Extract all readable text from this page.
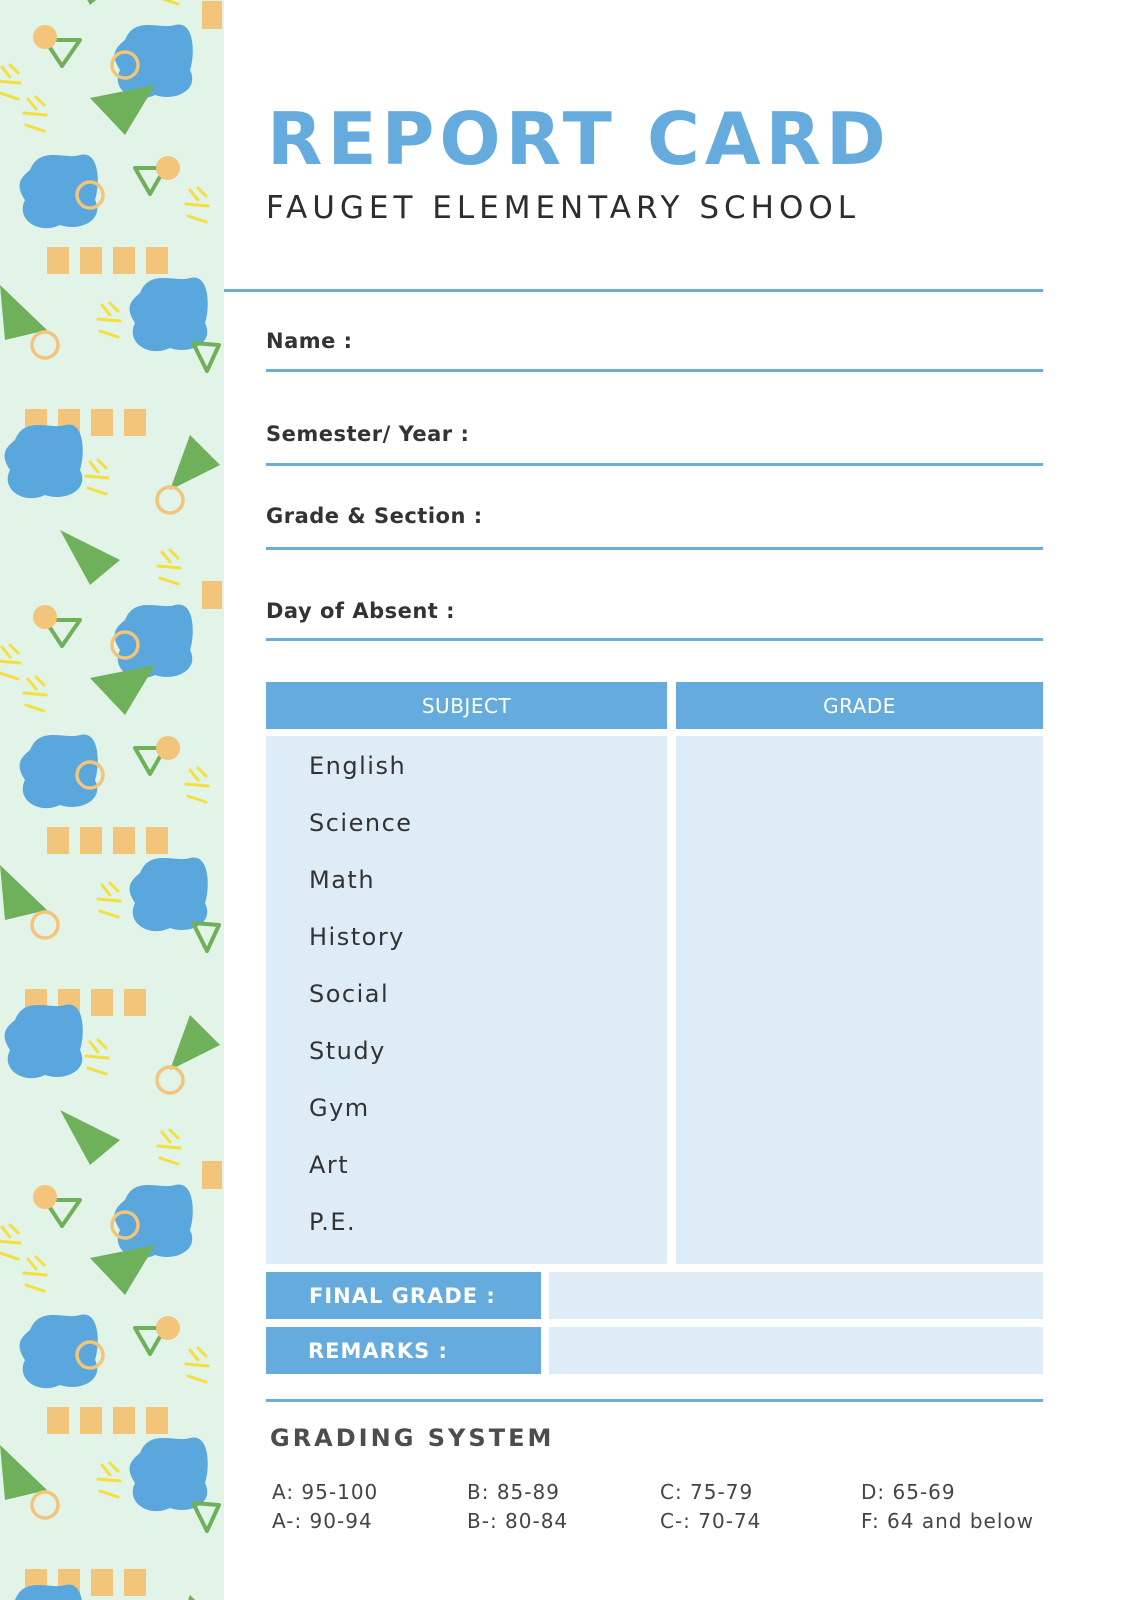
REPORT CARD
FAUGET ELEMENTARY SCHOOL
Name :
Semester/ Year :
Grade & Section :
Day of Absent :
SUBJECT	GRADE
English
Science
Math
History
Social
Study
Gym
Art
P.E.
FINAL GRADE :
REMARKS :
GRADING SYSTEM
A: 95-100	B: 85-89	C: 75-79	D: 65-69
A-: 90-94	B-: 80-84	C-: 70-74	F: 64 and below
